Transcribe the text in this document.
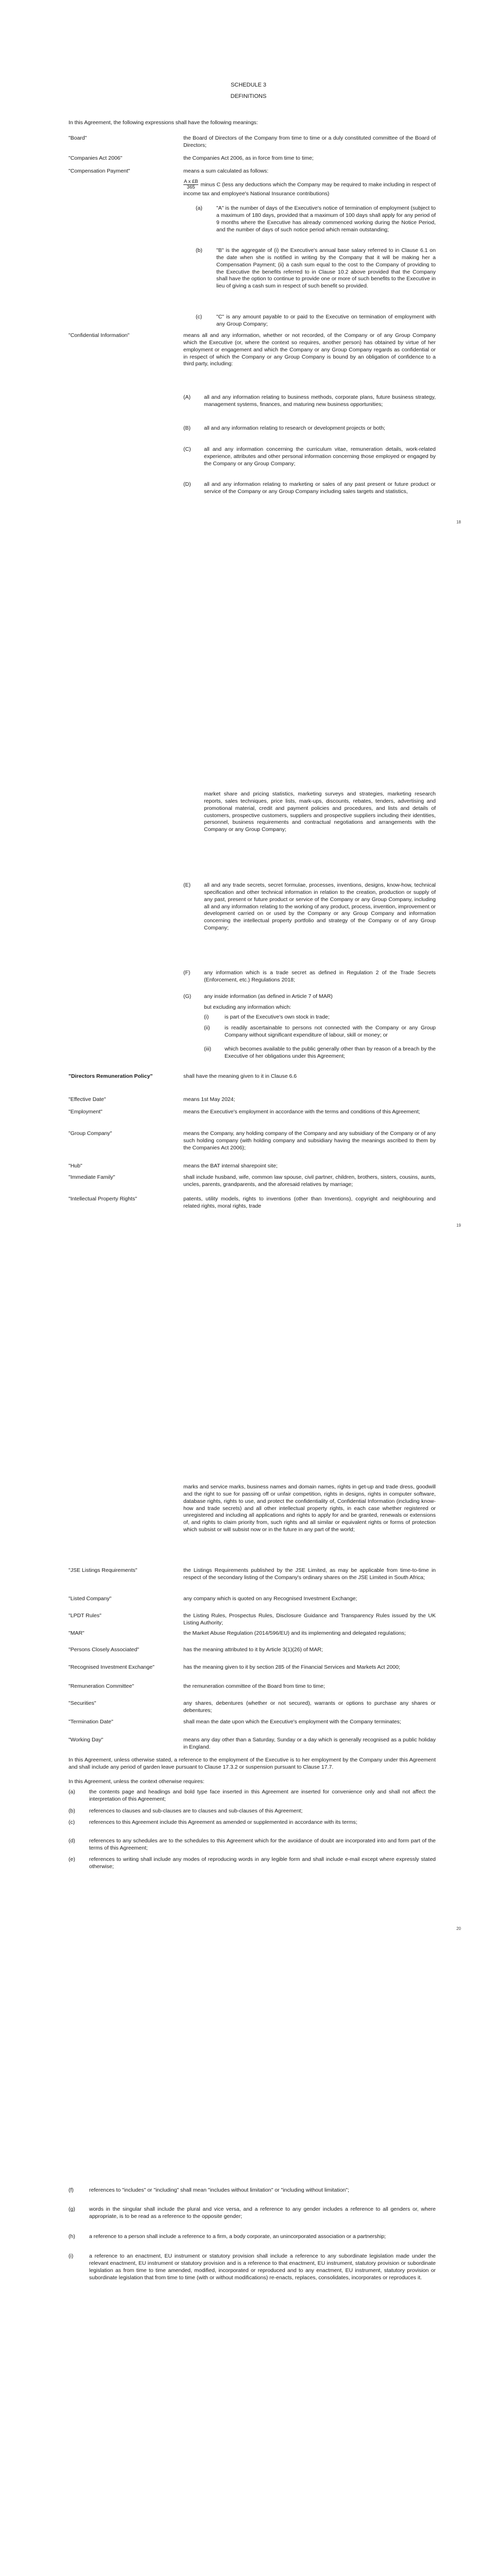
SCHEDULE 3
DEFINITIONS
In this Agreement, the following expressions shall have the following meanings:
"Board"	the Board of Directors of the Company from time to time or a duly constituted committee of the Board of Directors;
"Companies Act 2006"	the Companies Act 2006, as in force from time to time;
"Compensation Payment"	means a sum calculated as follows:
$\frac{\text{A x £B}}{365}$ minus C (less any deductions which the Company may be required to make including in respect of income tax and employee's National Insurance contributions)
(a)	"A" is the number of days of the Executive's notice of termination of employment (subject to a maximum of 180 days, provided that a maximum of 100 days shall apply for any period of 9 months where the Executive has already commenced working during the Notice Period, and the number of days of such notice period which remain outstanding;
(b)	"B" is the aggregate of (i) the Executive's annual base salary referred to in Clause 6.1 on the date when she is notified in writing by the Company that it will be making her a Compensation Payment; (ii) a cash sum equal to the cost to the Company of providing to the Executive the benefits referred to in Clause 10.2 above provided that the Company shall have the option to continue to provide one or more of such benefits to the Executive in lieu of giving a cash sum in respect of such benefit so provided.
(c)	"C" is any amount payable to or paid to the Executive on termination of employment with any Group Company;
"Confidential Information"	means all and any information, whether or not recorded, of the Company or of any Group Company which the Executive (or, where the context so requires, another person) has obtained by virtue of her employment or engagement and which the Company or any Group Company regards as confidential or in respect of which the Company or any Group Company is bound by an obligation of confidence to a third party, including:
(A)	all and any information relating to business methods, corporate plans, future business strategy, management systems, finances, and maturing new business opportunities;
(B)	all and any information relating to research or development projects or both;
(C)	all and any information concerning the curriculum vitae, remuneration details, work-related experience, attributes and other personal information concerning those employed or engaged by the Company or any Group Company;
(D)	all and any information relating to marketing or sales of any past present or future product or service of the Company or any Group Company including sales targets and statistics,
18
market share and pricing statistics, marketing surveys and strategies, marketing research reports, sales techniques, price lists, mark-ups, discounts, rebates, tenders, advertising and promotional material, credit and payment policies and procedures, and lists and details of customers, prospective customers, suppliers and prospective suppliers including their identities, personnel, business requirements and contractual negotiations and arrangements with the Company or any Group Company;
(E)	all and any trade secrets, secret formulae, processes, inventions, designs, know-how, technical specification and other technical information in relation to the creation, production or supply of any past, present or future product or service of the Company or any Group Company, including all and any information relating to the working of any product, process, invention, improvement or development carried on or used by the Company or any Group Company and information concerning the intellectual property portfolio and strategy of the Company or of any Group Company;
(F)	any information which is a trade secret as defined in Regulation 2 of the Trade Secrets (Enforcement, etc.) Regulations 2018;
(G)	any inside information (as defined in Article 7 of MAR)
but excluding any information which:
(i)	is part of the Executive's own stock in trade;
(ii)	is readily ascertainable to persons not connected with the Company or any Group Company without significant expenditure of labour, skill or money; or
(iii)	which becomes available to the public generally other than by reason of a breach by the Executive of her obligations under this Agreement;
"Directors Remuneration Policy"	shall have the meaning given to it in Clause 6.6
"Effective Date"	means 1st May 2024;
"Employment"	means the Executive's employment in accordance with the terms and conditions of this Agreement;
"Group Company"	means the Company, any holding company of the Company and any subsidiary of the Company or of any such holding company (with holding company and subsidiary having the meanings ascribed to them by the Companies Act 2006);
"Hub"	means the BAT internal sharepoint site;
"Immediate Family"	shall include husband, wife, common law spouse, civil partner, children, brothers, sisters, cousins, aunts, uncles, parents, grandparents, and the aforesaid relatives by marriage;
"Intellectual Property Rights"	patents, utility models, rights to inventions (other than Inventions), copyright and neighbouring and related rights, moral rights, trade
19
marks and service marks, business names and domain names, rights in get-up and trade dress, goodwill and the right to sue for passing off or unfair competition, rights in designs, rights in computer software, database rights, rights to use, and protect the confidentiality of, Confidential Information (including know-how and trade secrets) and all other intellectual property rights, in each case whether registered or unregistered and including all applications and rights to apply for and be granted, renewals or extensions of, and rights to claim priority from, such rights and all similar or equivalent rights or forms of protection which subsist or will subsist now or in the future in any part of the world;
"JSE Listings Requirements"	the Listings Requirements published by the JSE Limited, as may be applicable from time-to-time in respect of the secondary listing of the Company's ordinary shares on the JSE Limited in South Africa;
"Listed Company"	any company which is quoted on any Recognised Investment Exchange;
"LPDT Rules"	the Listing Rules, Prospectus Rules, Disclosure Guidance and Transparency Rules issued by the UK Listing Authority;
"MAR"	the Market Abuse Regulation (2014/596/EU) and its implementing and delegated regulations;
"Persons Closely Associated"	has the meaning attributed to it by Article 3(1)(26) of MAR;
"Recognised Investment Exchange"	has the meaning given to it by section 285 of the Financial Services and Markets Act 2000;
"Remuneration Committee"	the remuneration committee of the Board from time to time;
"Securities"	any shares, debentures (whether or not secured), warrants or options to purchase any shares or debentures;
"Termination Date"	shall mean the date upon which the Executive's employment with the Company terminates;
"Working Day"	means any day other than a Saturday, Sunday or a day which is generally recognised as a public holiday in England.
In this Agreement, unless otherwise stated, a reference to the employment of the Executive is to her employment by the Company under this Agreement and shall include any period of garden leave pursuant to Clause 17.3.2 or suspension pursuant to Clause 17.7.
In this Agreement, unless the context otherwise requires:
(a)	the contents page and headings and bold type face inserted in this Agreement are inserted for convenience only and shall not affect the interpretation of this Agreement;
(b)	references to clauses and sub-clauses are to clauses and sub-clauses of this Agreement;
(c)	references to this Agreement include this Agreement as amended or supplemented in accordance with its terms;
(d)	references to any schedules are to the schedules to this Agreement which for the avoidance of doubt are incorporated into and form part of the terms of this Agreement;
(e)	references to writing shall include any modes of reproducing words in any legible form and shall include e-mail except where expressly stated otherwise;
20
(f)	references to "includes" or "including" shall mean "includes without limitation" or "including without limitation";
(g)	words in the singular shall include the plural and vice versa, and a reference to any gender includes a reference to all genders or, where appropriate, is to be read as a reference to the opposite gender;
(h)	a reference to a person shall include a reference to a firm, a body corporate, an unincorporated association or a partnership;
(i)	a reference to an enactment, EU instrument or statutory provision shall include a reference to any subordinate legislation made under the relevant enactment, EU instrument or statutory provision and is a reference to that enactment, EU instrument, statutory provision or subordinate legislation as from time to time amended, modified, incorporated or reproduced and to any enactment, EU instrument, statutory provision or subordinate legislation that from time to time (with or without modifications) re-enacts, replaces, consolidates, incorporates or reproduces it.
